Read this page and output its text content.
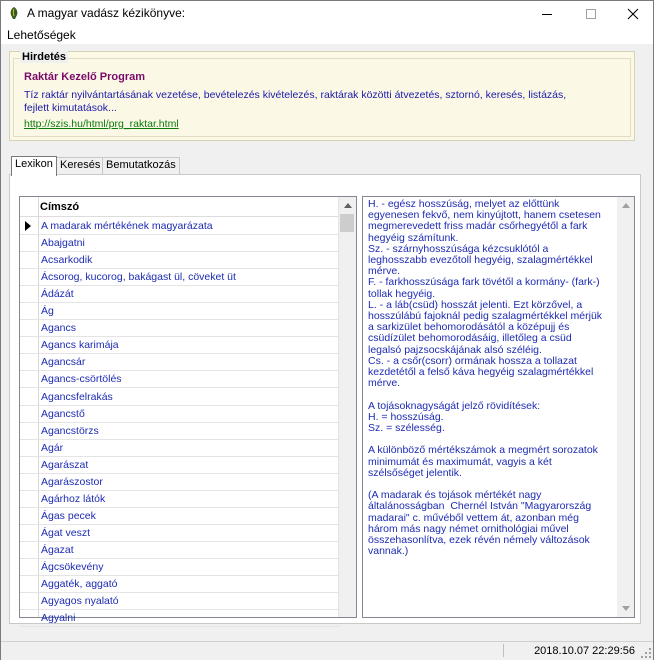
A magyar vadász kézikönyve:
Lehetőségek
Hirdetés
Raktár Kezelő Program
Tíz raktár nyilvántartásának vezetése, bevételezés kivételezés, raktárak közötti átvezetés, sztornó, keresés, listázás, fejlett kimutatások...
http://szis.hu/html/prg_raktar.html
Lexikon Keresés Bemutatkozás
Címszó
A madarak mértékének magyarázata
Abajgatni
Acsarkodik
Ácsorog, kucorog, bakágast ül, cöveket üt
Ádázát
Ág
Agancs
Agancs karimája
Agancsár
Agancs-csörtölés
Agancsfelrakás
Agancstő
Agancstörzs
Agár
Agarászat
Agarászostor
Agárhoz látók
Ágas pecek
Ágat veszt
Ágazat
Ágcsökevény
Aggaték, aggató
Agyagos nyalató
Agyalni
H. - egész hosszúság, melyet az előttünk egyenesen fekvő, nem kinyújtott, hanem csetesen megmerevedett friss madár csőrhegyétől a fark hegyéig számítunk.
Sz. - szárnyhosszúsága kézcsuklótól a leghosszabb evezőtoll hegyéig, szalagmértékkel mérve.
F. - farkhosszúsága fark tövétől a kormány- (fark-) tollak hegyéig.
L. - a láb(csüd) hosszát jelenti. Ezt körzővel, a hosszúlábú fajoknál pedig szalagmértékkel mérjük a sarkizület behomorodásától a középujj és csüdízület behomorodásáig, illetőleg a csüd legalsó pajzsocskájának alsó széléig.
Cs. - a csőr(csorr) ormának hossza a tollazat kezdetétől a felső káva hegyéig szalagmértékkel mérve.

A tojásoknagyságát jelző rövidítések:
H. = hosszúság.
Sz. = szélesség.

A különböző mértékszámok a megmért sorozatok minimumát és maximumát, vagyis a két szélsőséget jelentik.

(A madarak és tojások mértékét nagy általánosságban  Chernél István "Magyarország madarai" c. művéből vettem át, azonban még három más nagy német ornithológiai művel összehasonlítva, ezek révén némely változások vannak.)
2018.10.07 22:29:56
